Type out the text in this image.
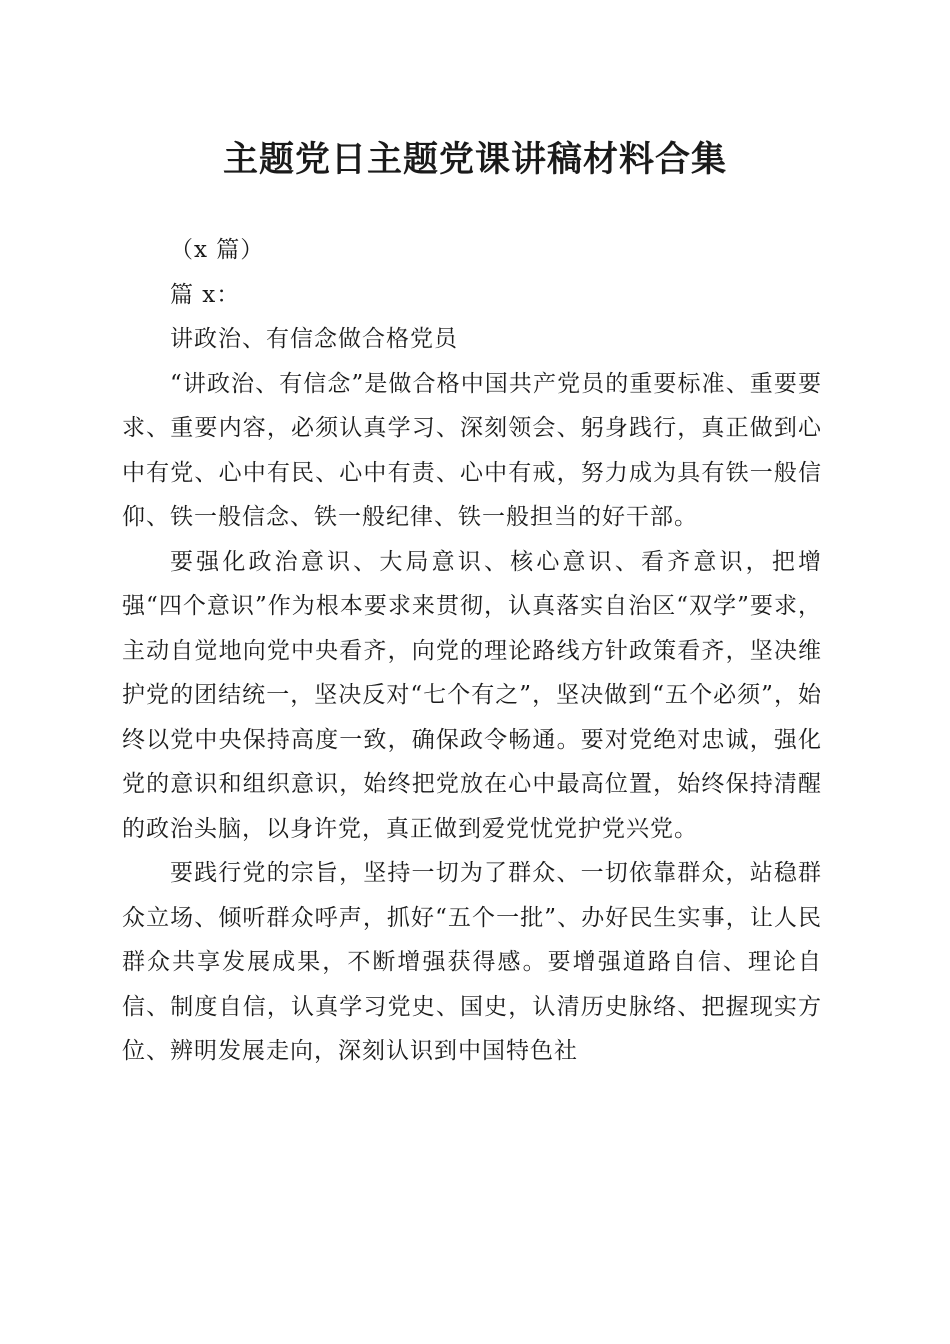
主题党日主题党课讲稿材料合集

（x 篇）

篇 x：

讲政治、有信念做合格党员

“讲政治、有信念”是做合格中国共产党员的重要标准、重要要求、重要内容，必须认真学习、深刻领会、躬身践行，真正做到心中有党、心中有民、心中有责、心中有戒，努力成为具有铁一般信仰、铁一般信念、铁一般纪律、铁一般担当的好干部。

要强化政治意识、大局意识、核心意识、看齐意识，把增强“四个意识”作为根本要求来贯彻，认真落实自治区“双学”要求，主动自觉地向党中央看齐，向党的理论路线方针政策看齐，坚决维护党的团结统一，坚决反对“七个有之”，坚决做到“五个必须”，始终以党中央保持高度一致，确保政令畅通。要对党绝对忠诚，强化党的意识和组织意识，始终把党放在心中最高位置，始终保持清醒的政治头脑，以身许党，真正做到爱党忧党护党兴党。

要践行党的宗旨，坚持一切为了群众、一切依靠群众，站稳群众立场、倾听群众呼声，抓好“五个一批”、办好民生实事，让人民群众共享发展成果，不断增强获得感。要增强道路自信、理论自信、制度自信，认真学习党史、国史，认清历史脉络、把握现实方位、辨明发展走向，深刻认识到中国特色社
